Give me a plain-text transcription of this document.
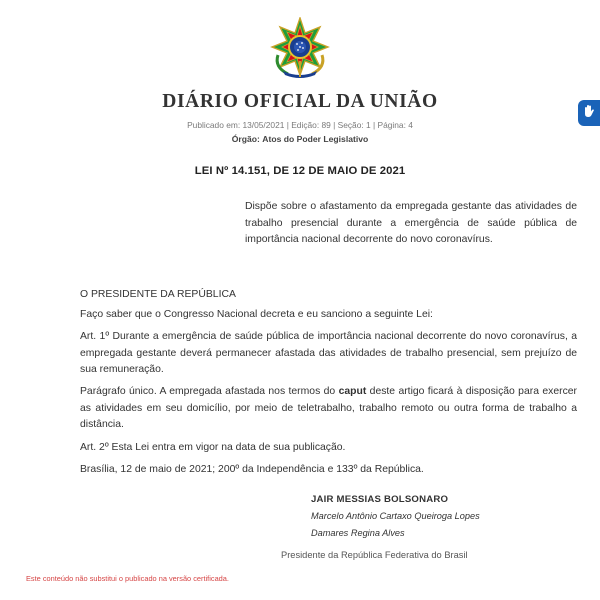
DIÁRIO OFICIAL DA UNIÃO
Publicado em: 13/05/2021 | Edição: 89 | Seção: 1 | Página: 4
Órgão: Atos do Poder Legislativo
LEI Nº 14.151, DE 12 DE MAIO DE 2021
Dispõe sobre o afastamento da empregada gestante das atividades de trabalho presencial durante a emergência de saúde pública de importância nacional decorrente do novo coronavírus.

O PRESIDENTE DA REPÚBLICA

Faço saber que o Congresso Nacional decreta e eu sanciono a seguinte Lei:

Art. 1º Durante a emergência de saúde pública de importância nacional decorrente do novo coronavírus, a empregada gestante deverá permanecer afastada das atividades de trabalho presencial, sem prejuízo de sua remuneração.

Parágrafo único. A empregada afastada nos termos do caput deste artigo ficará à disposição para exercer as atividades em seu domicílio, por meio de teletrabalho, trabalho remoto ou outra forma de trabalho a distância.

Art. 2º Esta Lei entra em vigor na data de sua publicação.

Brasília, 12 de maio de 2021; 200º da Independência e 133º da República.

JAIR MESSIAS BOLSONARO
Marcelo Antônio Cartaxo Queiroga Lopes
Damares Regina Alves
Presidente da República Federativa do Brasil
Este conteúdo não substitui o publicado na versão certificada.
